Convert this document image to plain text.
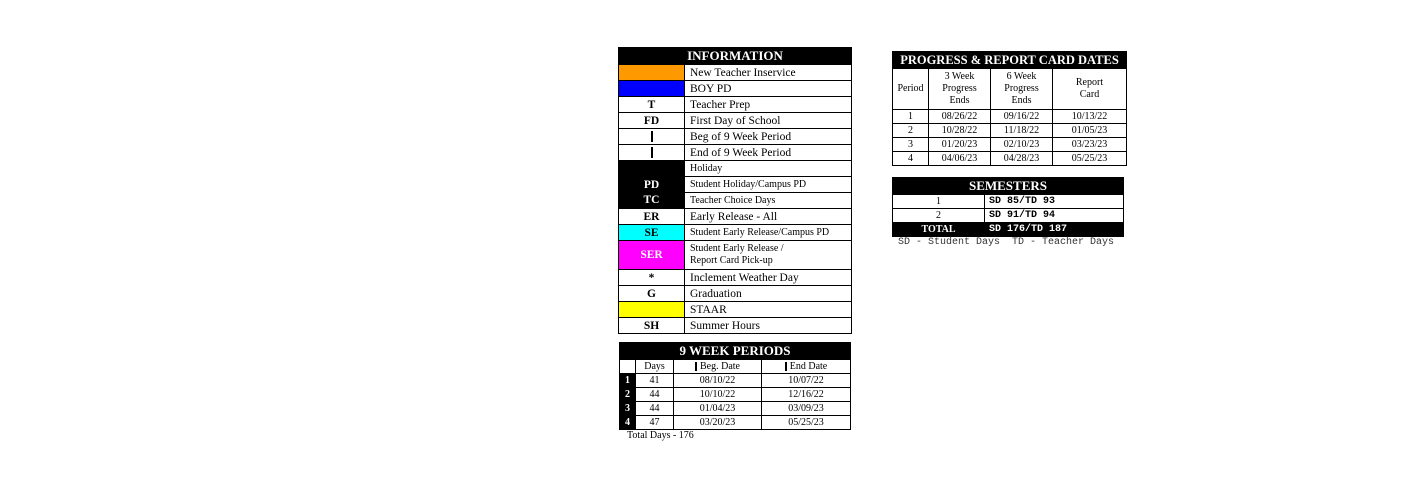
INFORMATION	
	New Teacher Inservice
	BOY PD
T	Teacher Prep
FD	First Day of School
	Beg of 9 Week Period
	End of 9 Week Period
	Holiday
PD	Student Holiday/Campus PD
TC	Teacher Choice Days
ER	Early Release - All
SE	Student Early Release/Campus PD
SER	Student Early Release /
Report Card Pick-up
*	Inclement Weather Day
G	Graduation
	STAAR
SH	Summer Hours
9 WEEK PERIODS			
	Days	Beg. Date	End Date
1	41	08/10/22	10/07/22
2	44	10/10/22	12/16/22
3	44	01/04/23	03/09/23
4	47	03/20/23	05/25/23
Total Days - 176
PROGRESS & REPORT CARD DATES			
Period	3 Week
Progress
Ends	6 Week
Progress
Ends	Report
Card
1	08/26/22	09/16/22	10/13/22
2	10/28/22	11/18/22	01/05/23
3	01/20/23	02/10/23	03/23/23
4	04/06/23	04/28/23	05/25/23
SEMESTERS	
1	SD 85/TD 93
2	SD 91/TD 94
TOTAL	SD 176/TD 187
SD - Student Days  TD - Teacher Days
